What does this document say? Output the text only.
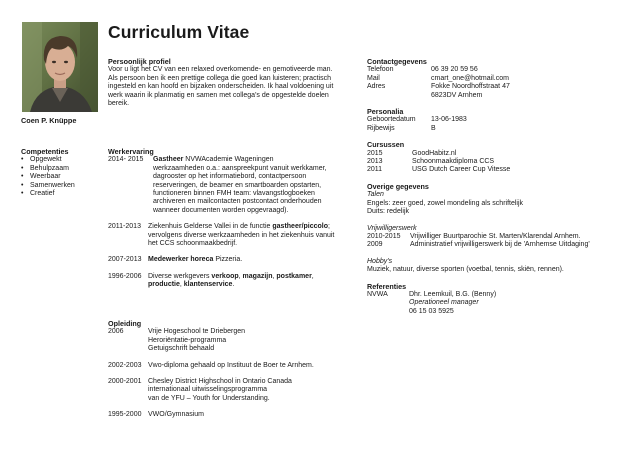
Coen P. Knüppe
Curriculum Vitae
Competenties
• Opgewekt
• Behulpzaam
• Weerbaar
• Samenwerken
• Creatief
Persoonlijk profiel
Voor u ligt het CV van een relaxed overkomende- en gemotiveerde man.
Als persoon ben ik een prettige collega die goed kan luisteren; practisch
ingesteld en kan hoofd en bijzaken onderscheiden. Ik haal voldoening uit
werk waarin ik planmatig en samen met collega's de opgestelde doelen
bereik.
Werkervaring
2014- 2015	Gastheer NVWAcademie Wageningen
werkzaamheden o.a.: aanspreekpunt vanuit werkkamer,
dagrooster op het informatiebord, contactpersoon
reserveringen, de beamer en smartboarden opstarten,
functioneren binnen FMH team: vlavangstlogboeken
archiveren en mailcontacten postcontact onderhouden
wanneer documenten worden opgevraagd).
2011-2013	Ziekenhuis Gelderse Vallei in de functie gastheer/piccolo;
vervolgens diverse werkzaamheden in het ziekenhuis vanuit
het CCS schoonmaakbedrijf.
2007-2013 Medewerker horeca Pizzeria.
1996-2006 Diverse werkgevers verkoop, magazijn, postkamer,
productie, klantenservice.
Opleiding
2006	Vrije Hogeschool te Driebergen
Heroriëntatie-programma
Getuigschrift behaald
2002-2003 Vwo-diploma gehaald op Instituut de Boer te Arnhem.
2000-2001 Chesley District Highschool in Ontario Canada
internationaal uitwisselingsprogramma
van de YFU – Youth for Understanding.
1995-2000 VWO/Gymnasium
Contactgegevens
Telefoon	06 39 20 59 56
Mail	cmart_one@hotmail.com
Adres	Fokke Noordhoffstraat 47
6823DV Arnhem
Personalia
Geboortedatum	13-06-1983
Rijbewijs	B
Cursussen
2015	GoodHabitz.nl
2013	Schoonmaakdiploma CCS
2011	USG Dutch Career Cup Vitesse
Overige gegevens
Talen
Engels: zeer goed, zowel mondeling als schriftelijk
Duits: redelijk
Vrijwilligerswerk
2010-2015	Vrijwilliger Buurtparochie St. Marten/Klarendal Arnhem.
2009	Administratief vrijwilligerswerk bij de 'Arnhemse Uitdaging'
Hobby's
Muziek, natuur, diverse sporten (voetbal, tennis, skiën, rennen).
Referenties
NVWA	Dhr. Leemkuil, B.G. (Benny)
Operationeel manager
06 15 03 5925
